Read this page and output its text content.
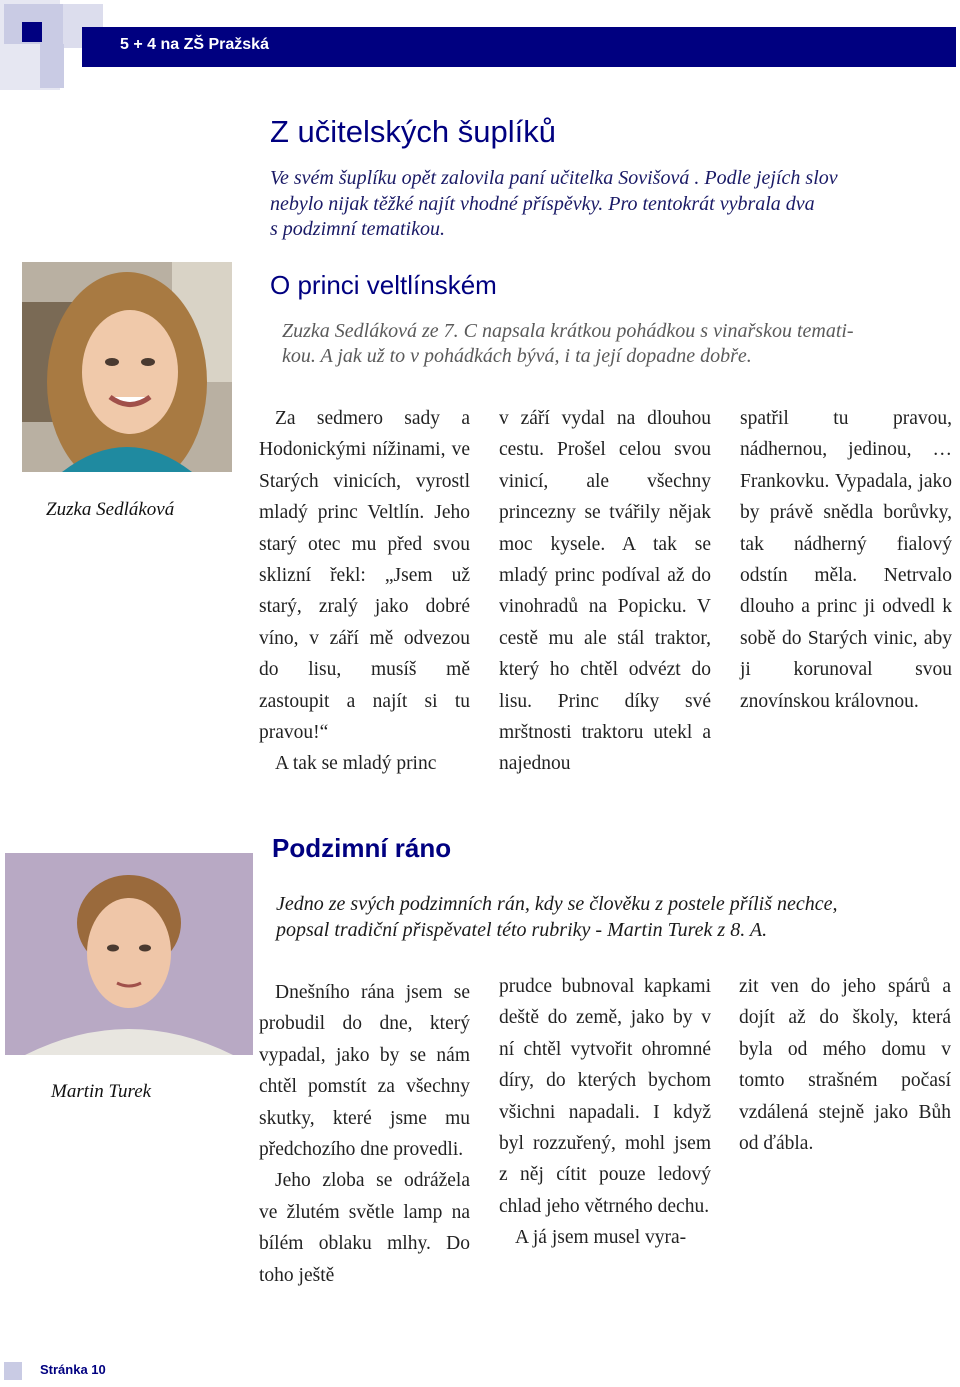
5 + 4 na ZŠ Pražská
Z učitelských šuplíků
Ve svém šuplíku opět zalovila paní učitelka Sovišová . Podle jejích slov
nebylo nijak těžké najít vhodné příspěvky. Pro tentokrát vybrala dva
s podzimní tematikou.
Zuzka Sedláková
O princi veltlínském
Zuzka Sedláková ze 7. C napsala krátkou pohádkou s vinařskou temati-
kou. A jak už to v pohádkách bývá, i ta její dopadne dobře.

Za sedmero sady a Hodonickými nížinami, ve Starých vinicích, vyrostl mladý princ Veltlín. Jeho starý otec mu před svou sklizní řekl: „Jsem už starý, zralý jako dobré víno, v září mě odvezou do lisu, musíš mě zastoupit a najít si tu pravou!“

A tak se mladý princ

v září vydal na dlouhou cestu. Prošel celou svou vinicí, ale všechny princezny se tvářily nějak moc kysele. A tak se mladý princ podíval až do vinohradů na Popicku. V cestě mu ale stál traktor, který ho chtěl odvézt do lisu. Princ díky své mrštnosti traktoru utekl a najednou

spatřil tu pravou, nádhernou, jedinou, … Frankovku. Vypadala, jako by právě snědla borůvky, tak nádherný fialový odstín měla. Netrvalo dlouho a princ ji odvedl k sobě do Starých vinic, aby ji korunoval svou znovínskou královnou.

Martin Turek
Podzimní ráno
Jedno ze svých podzimních rán, kdy se člověku z postele příliš nechce,
popsal tradiční přispěvatel této rubriky - Martin Turek z 8. A.

Dnešního rána jsem se probudil do dne, který vypadal, jako by se nám chtěl pomstít za všechny skutky, které jsme mu předchozího dne provedli.

Jeho zloba se odrážela ve žlutém světle lamp na bílém oblaku mlhy. Do toho ještě

prudce bubnoval kapkami deště do země, jako by v ní chtěl vytvořit ohromné díry, do kterých bychom všichni napadali. I když byl rozzuřený, mohl jsem z něj cítit pouze ledový chlad jeho větrného dechu.

A já jsem musel vyra-

zit ven do jeho spárů a dojít až do školy, která byla od mého domu v tomto strašném počasí vzdálená stejně jako Bůh od ďábla.

Stránka 10
